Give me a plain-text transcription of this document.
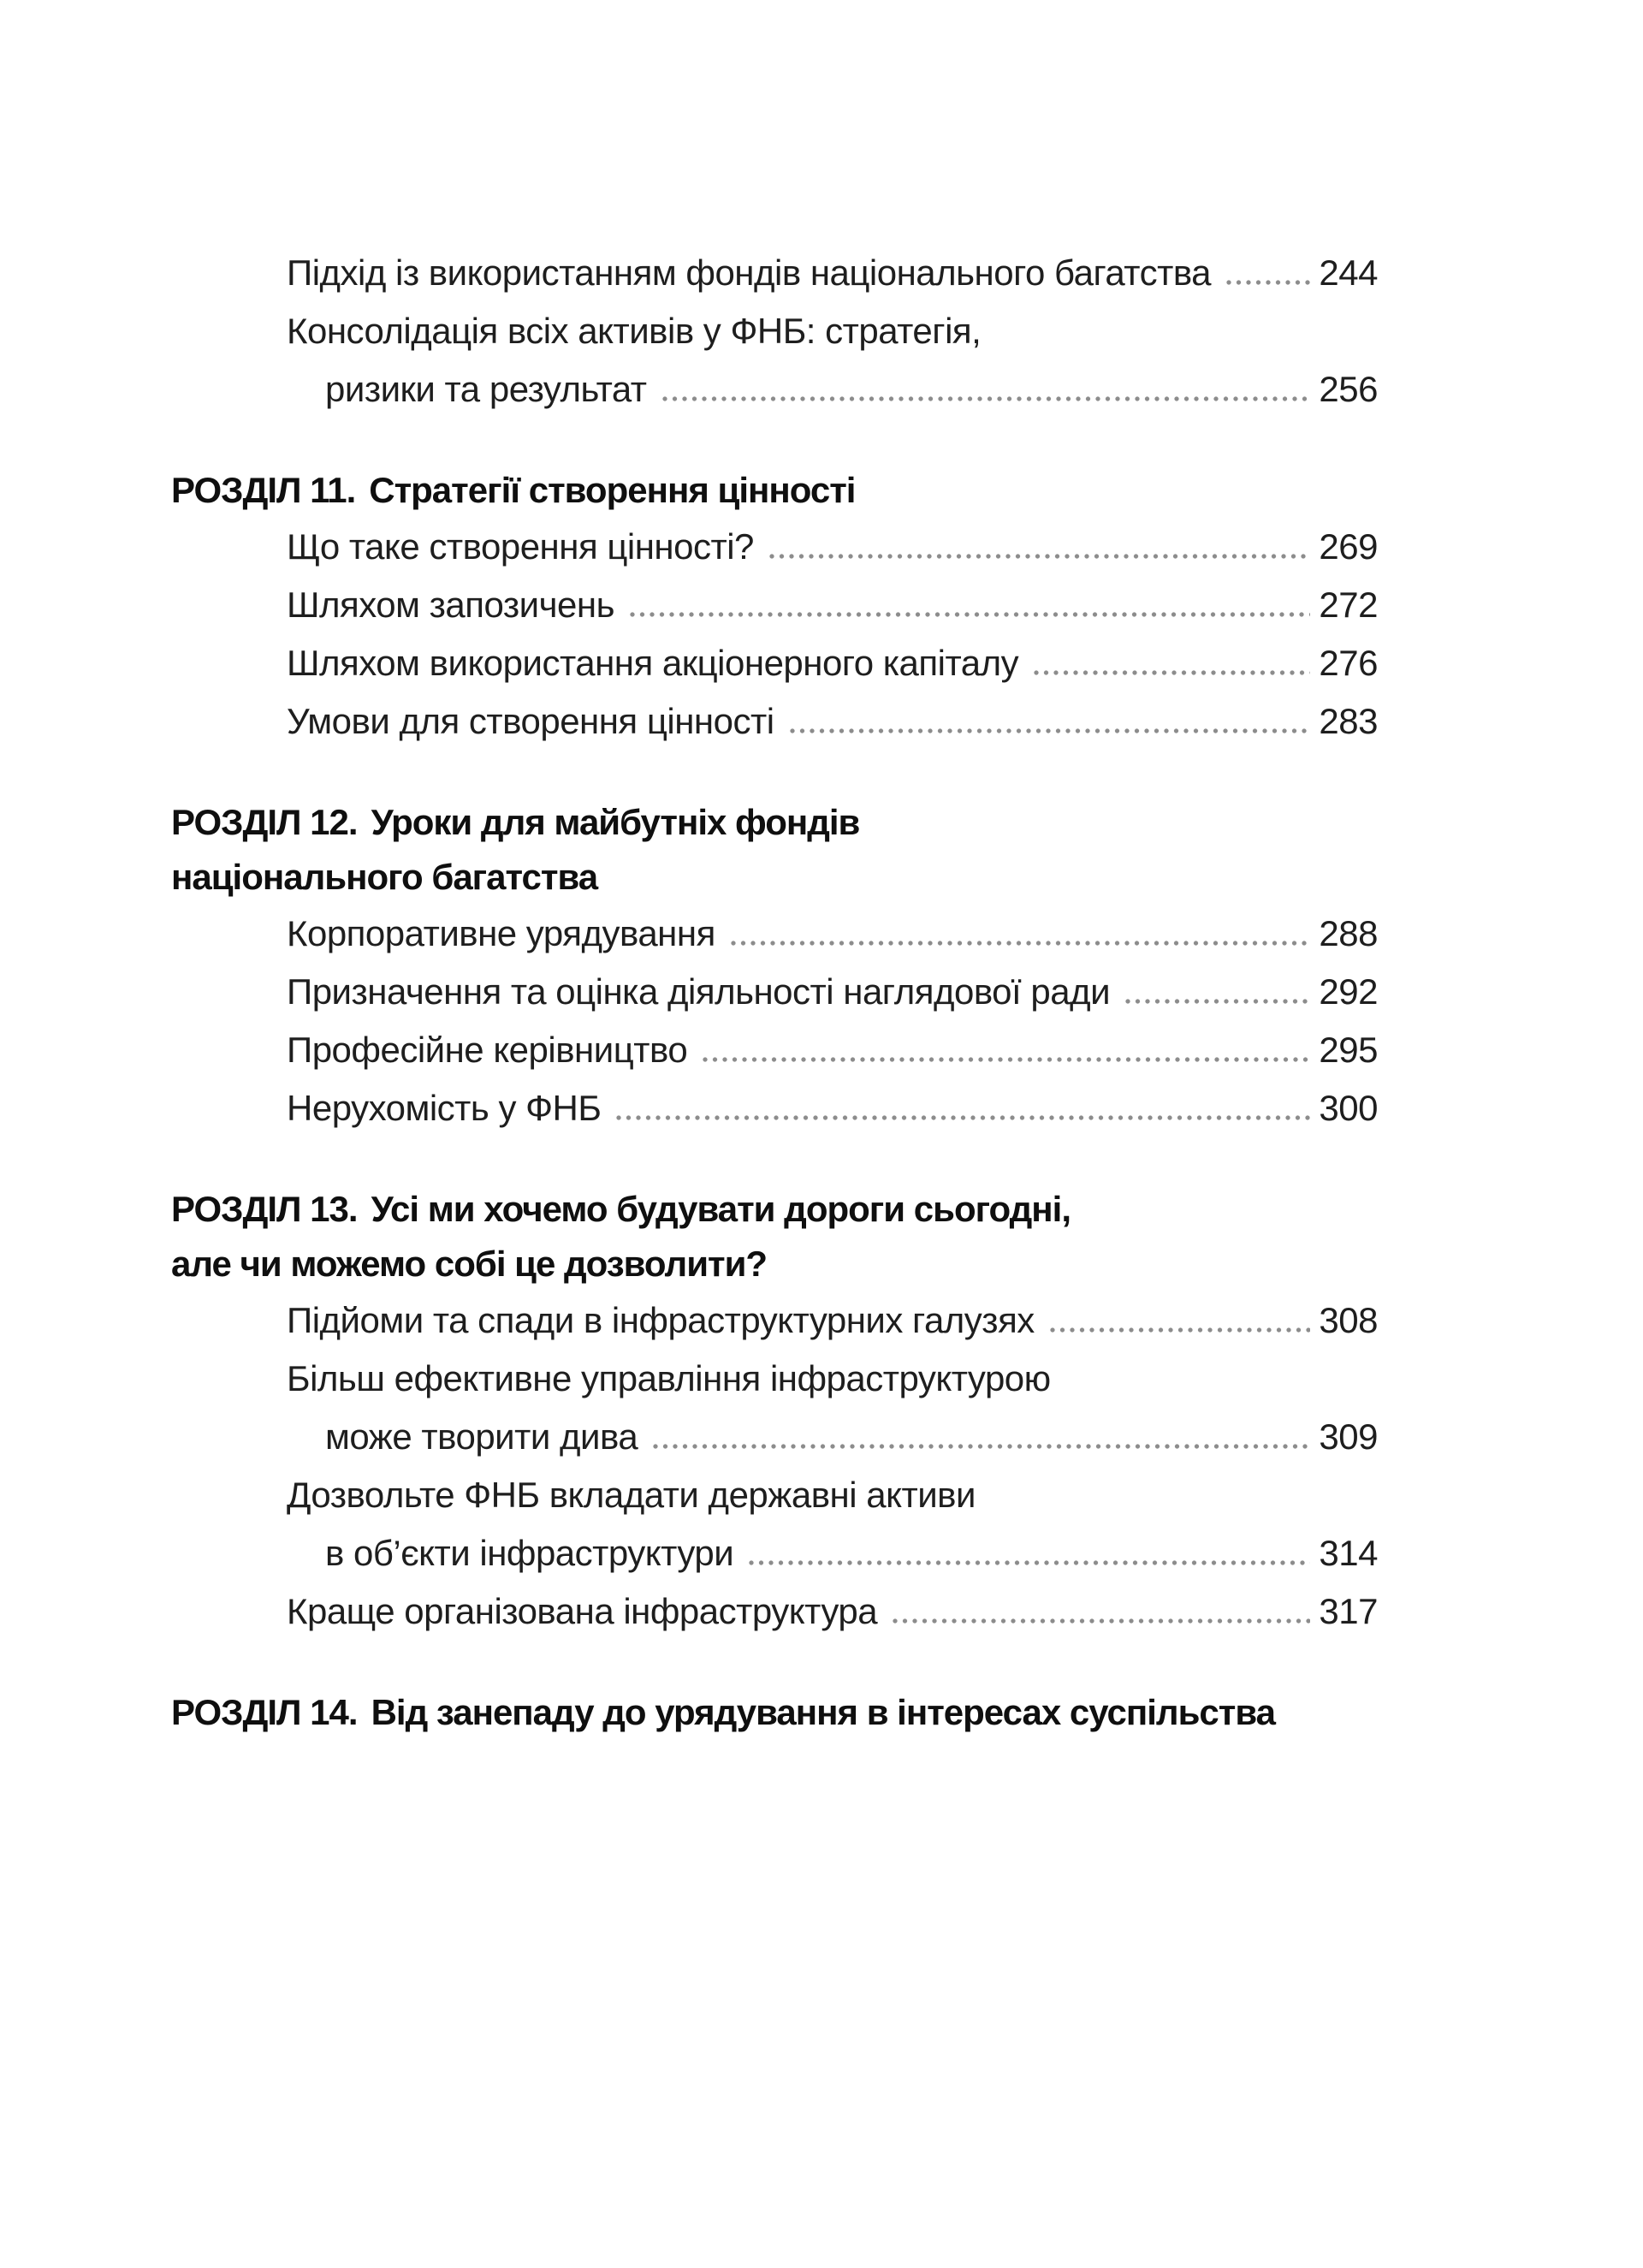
Підхід із використанням фондів національного багатства	244
Консолідація всіх активів у ФНБ: стратегія,
ризики та результат	256
РОЗДІЛ 11. Стратегії створення цінності
Що таке створення цінності?	269
Шляхом запозичень	272
Шляхом використання акціонерного капіталу	276
Умови для створення цінності	283
РОЗДІЛ 12. Уроки для майбутніх фондів
національного багатства
Корпоративне урядування	288
Призначення та оцінка діяльності наглядової ради	292
Професійне керівництво	295
Нерухомість у ФНБ	300
РОЗДІЛ 13. Усі ми хочемо будувати дороги сьогодні,
але чи можемо собі це дозволити?
Підйоми та спади в інфраструктурних галузях	308
Більш ефективне управління інфраструктурою
може творити дива	309
Дозвольте ФНБ вкладати державні активи
в об’єкти інфраструктури	314
Краще організована інфраструктура	317
РОЗДІЛ 14. Від занепаду до урядування в інтересах суспільства
